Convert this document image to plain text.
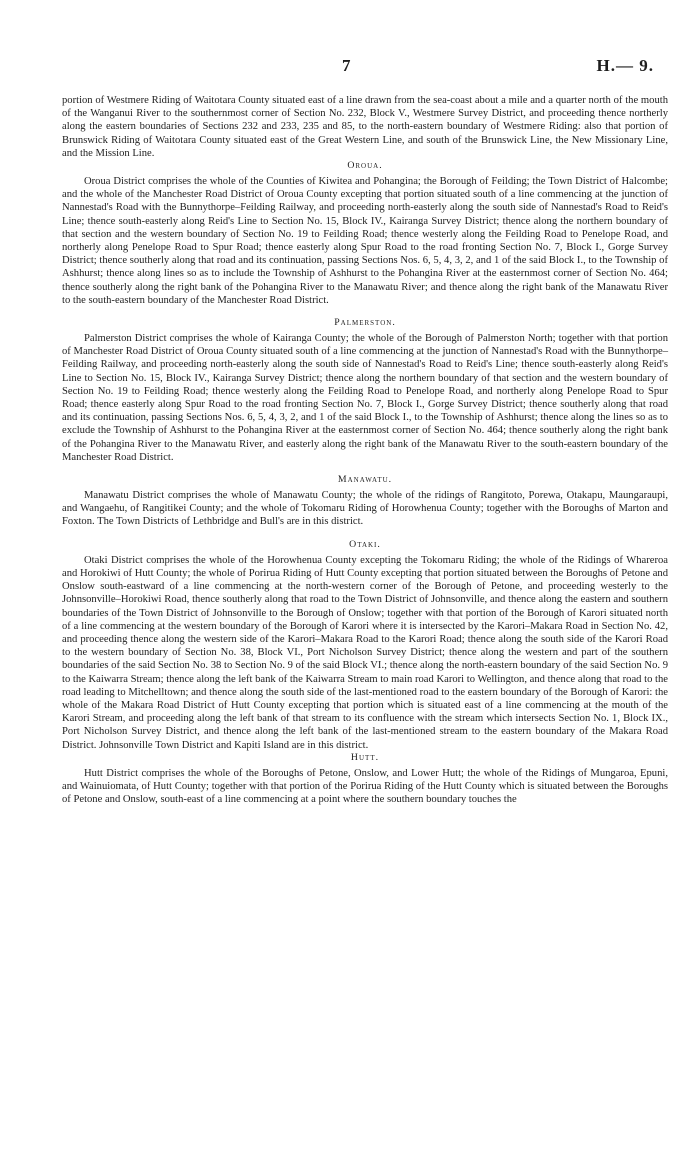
7	H.— 9.

portion of Westmere Riding of Waitotara County situated east of a line drawn from the sea-coast about a mile and a quarter north of the mouth of the Wanganui River to the southernmost corner of Section No. 232, Block V., Westmere Survey District, and proceeding thence northerly along the eastern boundaries of Sections 232 and 233, 235 and 85, to the north-eastern boundary of Westmere Riding: also that portion of Brunswick Riding of Waitotara County situated east of the Great Western Line, and south of the Brunswick Line, the New Missionary Line, and the Mission Line.

Oroua.

Oroua District comprises the whole of the Counties of Kiwitea and Pohangina; the Borough of Feilding; the Town District of Halcombe; and the whole of the Manchester Road District of Oroua County excepting that portion situated south of a line commencing at the junction of Nannestad's Road with the Bunnythorpe–Feilding Railway, and proceeding north-easterly along the south side of Nannestad's Road to Reid's Line; thence south-easterly along Reid's Line to Section No. 15, Block IV., Kairanga Survey District; thence along the northern boundary of that section and the western boundary of Section No. 19 to Feilding Road; thence westerly along the Feilding Road to Penelope Road, and northerly along Penelope Road to Spur Road; thence easterly along Spur Road to the road fronting Section No. 7, Block I., Gorge Survey District; thence southerly along that road and its continuation, passing Sections Nos. 6, 5, 4, 3, 2, and 1 of the said Block I., to the Township of Ashhurst; thence along lines so as to include the Township of Ashhurst to the Pohangina River at the easternmost corner of Section No. 464; thence southerly along the right bank of the Pohangina River to the Manawatu River; and thence along the right bank of the Manawatu River to the south-eastern boundary of the Manchester Road District.

Palmerston.

Palmerston District comprises the whole of Kairanga County; the whole of the Borough of Palmerston North; together with that portion of Manchester Road District of Oroua County situated south of a line commencing at the junction of Nannestad's Road with the Bunnythorpe–Feilding Railway, and proceeding north-easterly along the south side of Nannestad's Road to Reid's Line; thence south-easterly along Reid's Line to Section No. 15, Block IV., Kairanga Survey District; thence along the northern boundary of that section and the western boundary of Section No. 19 to Feilding Road; thence westerly along the Feilding Road to Penelope Road, and northerly along Penelope Road to Spur Road; thence easterly along Spur Road to the road fronting Section No. 7, Block I., Gorge Survey District; thence southerly along that road and its continuation, passing Sections Nos. 6, 5, 4, 3, 2, and 1 of the said Block I., to the Township of Ashhurst; thence along the lines so as to exclude the Township of Ashhurst to the Pohangina River at the easternmost corner of Section No. 464; thence southerly along the right bank of the Pohangina River to the Manawatu River, and easterly along the right bank of the Manawatu River to the south-eastern boundary of the Manchester Road District.

Manawatu.

Manawatu District comprises the whole of Manawatu County; the whole of the ridings of Rangitoto, Porewa, Otakapu, Maungaraupi, and Wangaehu, of Rangitikei County; and the whole of Tokomaru Riding of Horowhenua County; together with the Boroughs of Marton and Foxton. The Town Districts of Lethbridge and Bull's are in this district.

Otaki.

Otaki District comprises the whole of the Horowhenua County excepting the Tokomaru Riding; the whole of the Ridings of Whareroa and Horokiwi of Hutt County; the whole of Porirua Riding of Hutt County excepting that portion situated between the Boroughs of Petone and Onslow south-eastward of a line commencing at the north-western corner of the Borough of Petone, and proceeding westerly to the Johnsonville–Horokiwi Road, thence southerly along that road to the Town District of Johnsonville, and thence along the eastern and southern boundaries of the Town District of Johnsonville to the Borough of Onslow; together with that portion of the Borough of Karori situated north of a line commencing at the western boundary of the Borough of Karori where it is intersected by the Karori–Makara Road in Section No. 42, and proceeding thence along the western side of the Karori–Makara Road to the Karori Road; thence along the south side of the Karori Road to the western boundary of Section No. 38, Block VI., Port Nicholson Survey District; thence along the western and part of the southern boundaries of the said Section No. 38 to Section No. 9 of the said Block VI.; thence along the north-eastern boundary of the said Section No. 9 to the Kaiwarra Stream; thence along the left bank of the Kaiwarra Stream to main road Karori to Wellington, and thence along that road to the road leading to Mitchelltown; and thence along the south side of the last-mentioned road to the eastern boundary of the Borough of Karori: the whole of the Makara Road District of Hutt County excepting that portion which is situated east of a line commencing at the mouth of the Karori Stream, and proceeding along the left bank of that stream to its confluence with the stream which intersects Section No. 1, Block IX., Port Nicholson Survey District, and thence along the left bank of the last-mentioned stream to the eastern boundary of the Makara Road District. Johnsonville Town District and Kapiti Island are in this district.

Hutt.

Hutt District comprises the whole of the Boroughs of Petone, Onslow, and Lower Hutt; the whole of the Ridings of Mungaroa, Epuni, and Wainuiomata, of Hutt County; together with that portion of the Porirua Riding of the Hutt County which is situated between the Boroughs of Petone and Onslow, south-east of a line commencing at a point where the southern boundary touches the
